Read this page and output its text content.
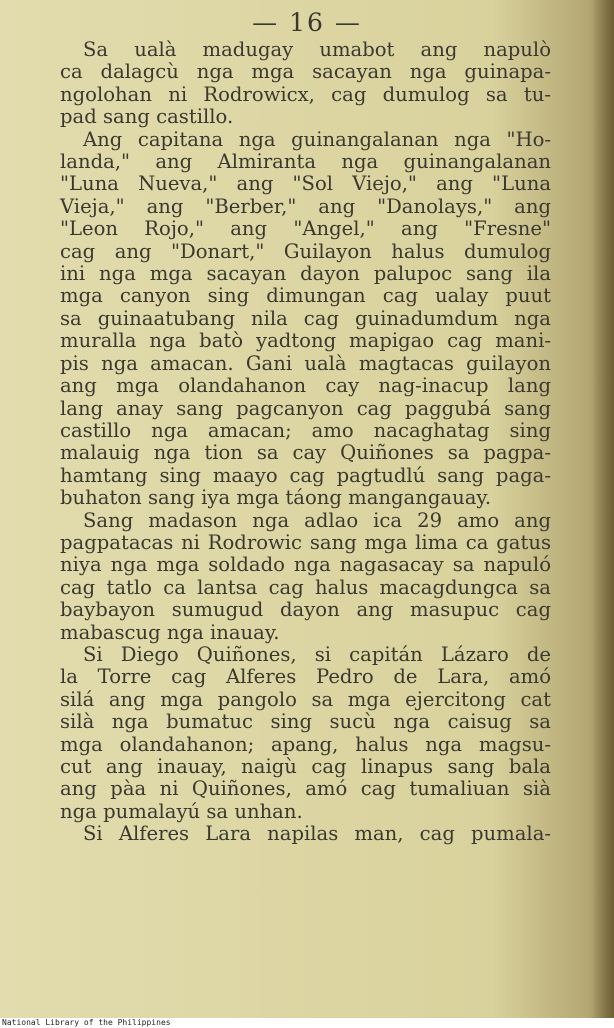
— 16 —
Sa ualà madugay umabot ang napulò
ca dalagcù nga mga sacayan nga guinapa-
ngolohan ni Rodrowicx, cag dumulog sa tu-
pad sang castillo.
Ang capitana nga guinangalanan nga "Ho-
landa," ang Almiranta nga guinangalanan
"Luna Nueva," ang "Sol Viejo," ang "Luna
Vieja," ang "Berber," ang "Danolays," ang
"Leon Rojo," ang "Angel," ang "Fresne"
cag ang "Donart," Guilayon halus dumulog
ini nga mga sacayan dayon palupoc sang ila
mga canyon sing dimungan cag ualay puut
sa guinaatubang nila cag guinadumdum nga
muralla nga batò yadtong mapigao cag mani-
pis nga amacan. Gani ualà magtacas guilayon
ang mga olandahanon cay nag-inacup lang
lang anay sang pagcanyon cag paggubá sang
castillo nga amacan; amo nacaghatag sing
malauig nga tion sa cay Quiñones sa pagpa-
hamtang sing maayo cag pagtudlú sang paga-
buhaton sang iya mga táong mangangauay.
Sang madason nga adlao ica 29 amo ang
pagpatacas ni Rodrowic sang mga lima ca gatus
niya nga mga soldado nga nagasacay sa napuló
cag tatlo ca lantsa cag halus macagdungca sa
baybayon sumugud dayon ang masupuc cag
mabascug nga inauay.
Si Diego Quiñones, si capitán Lázaro de
la Torre cag Alferes Pedro de Lara, amó
silá ang mga pangolo sa mga ejercitong cat
silà nga bumatuc sing sucù nga caisug sa
mga olandahanon; apang, halus nga magsu-
cut ang inauay, naigù cag linapus sang bala
ang pàa ni Quiñones, amó cag tumaliuan sià
nga pumalayú sa unhan.
Si Alferes Lara napilas man, cag pumala-
National Library of the Philippines
